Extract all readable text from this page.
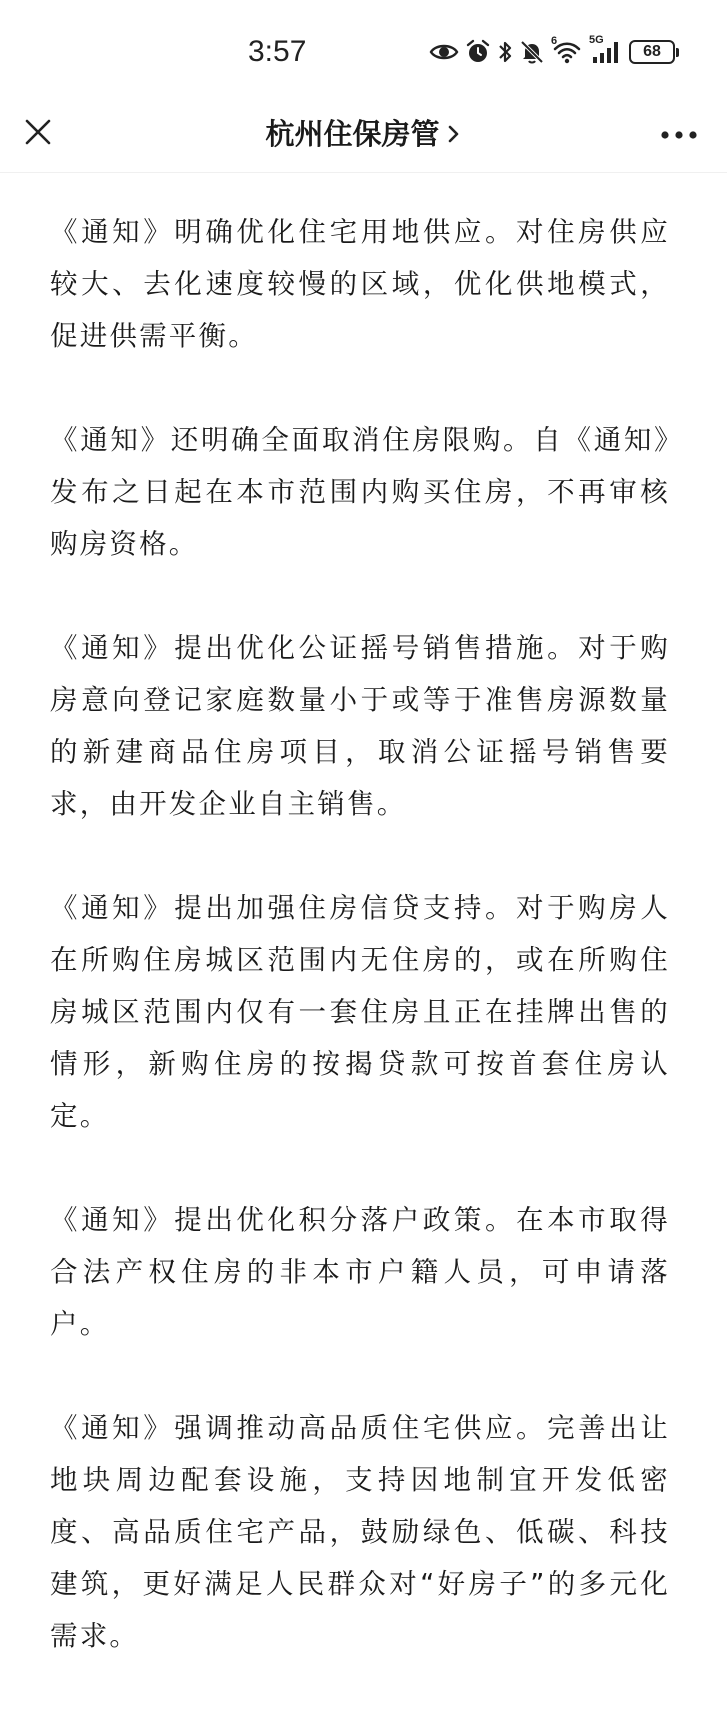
3:57	6	5G
68
杭州住保房管

《通知》明确优化住宅用地供应。对住房供应较大、去化速度较慢的区域，优化供地模式，促进供需平衡。

《通知》还明确全面取消住房限购。自《通知》发布之日起在本市范围内购买住房，不再审核购房资格。

《通知》提出优化公证摇号销售措施。对于购房意向登记家庭数量小于或等于准售房源数量的新建商品住房项目，取消公证摇号销售要求，由开发企业自主销售。

《通知》提出加强住房信贷支持。对于购房人在所购住房城区范围内无住房的，或在所购住房城区范围内仅有一套住房且正在挂牌出售的情形，新购住房的按揭贷款可按首套住房认定。

《通知》提出优化积分落户政策。在本市取得合法产权住房的非本市户籍人员，可申请落户。

《通知》强调推动高品质住宅供应。完善出让地块周边配套设施，支持因地制宜开发低密度、高品质住宅产品，鼓励绿色、低碳、科技建筑，更好满足人民群众对“好房子”的多元化需求。
